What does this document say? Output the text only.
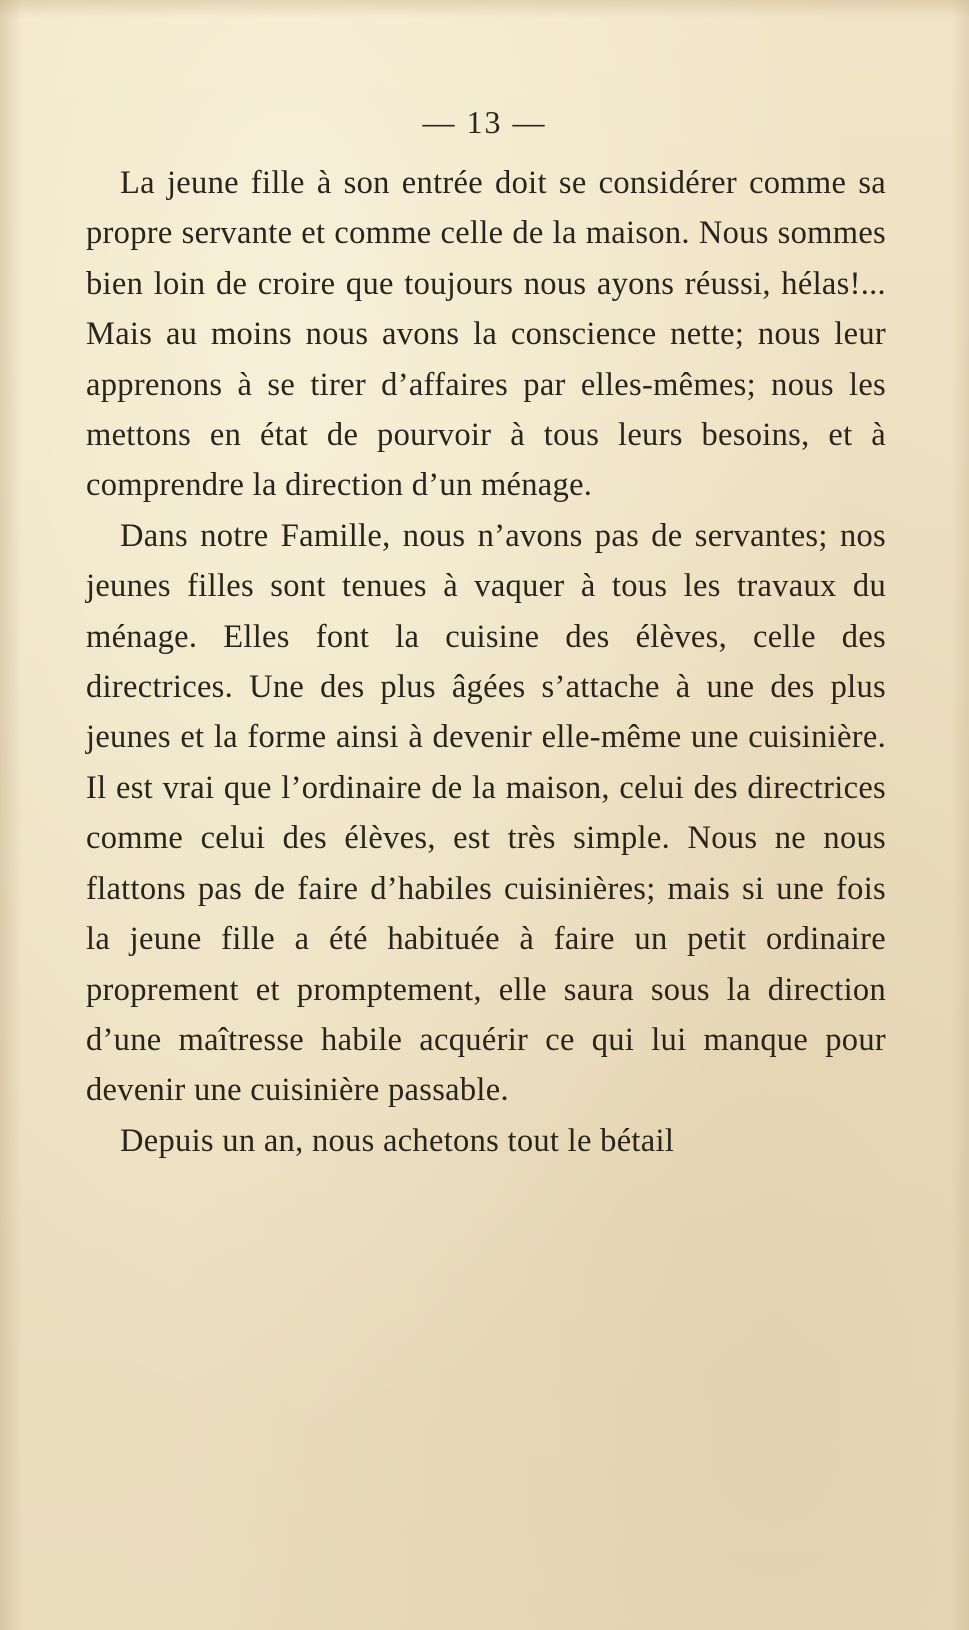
— 13 —

La jeune fille à son entrée doit se considérer comme sa propre servante et comme celle de la maison. Nous sommes bien loin de croire que toujours nous ayons réussi, hélas!... Mais au moins nous avons la conscience nette; nous leur apprenons à se tirer d’affaires par elles-mêmes; nous les mettons en état de pourvoir à tous leurs besoins, et à comprendre la direction d’un ménage.

Dans notre Famille, nous n’avons pas de servantes; nos jeunes filles sont tenues à vaquer à tous les travaux du ménage. Elles font la cuisine des élèves, celle des directrices. Une des plus âgées s’attache à une des plus jeunes et la forme ainsi à devenir elle-même une cuisinière. Il est vrai que l’ordinaire de la maison, celui des directrices comme celui des élèves, est très simple. Nous ne nous flattons pas de faire d’habiles cuisinières; mais si une fois la jeune fille a été habituée à faire un petit ordinaire proprement et promptement, elle saura sous la direction d’une maîtresse habile acquérir ce qui lui manque pour devenir une cuisinière passable.

Depuis un an, nous achetons tout le bétail
